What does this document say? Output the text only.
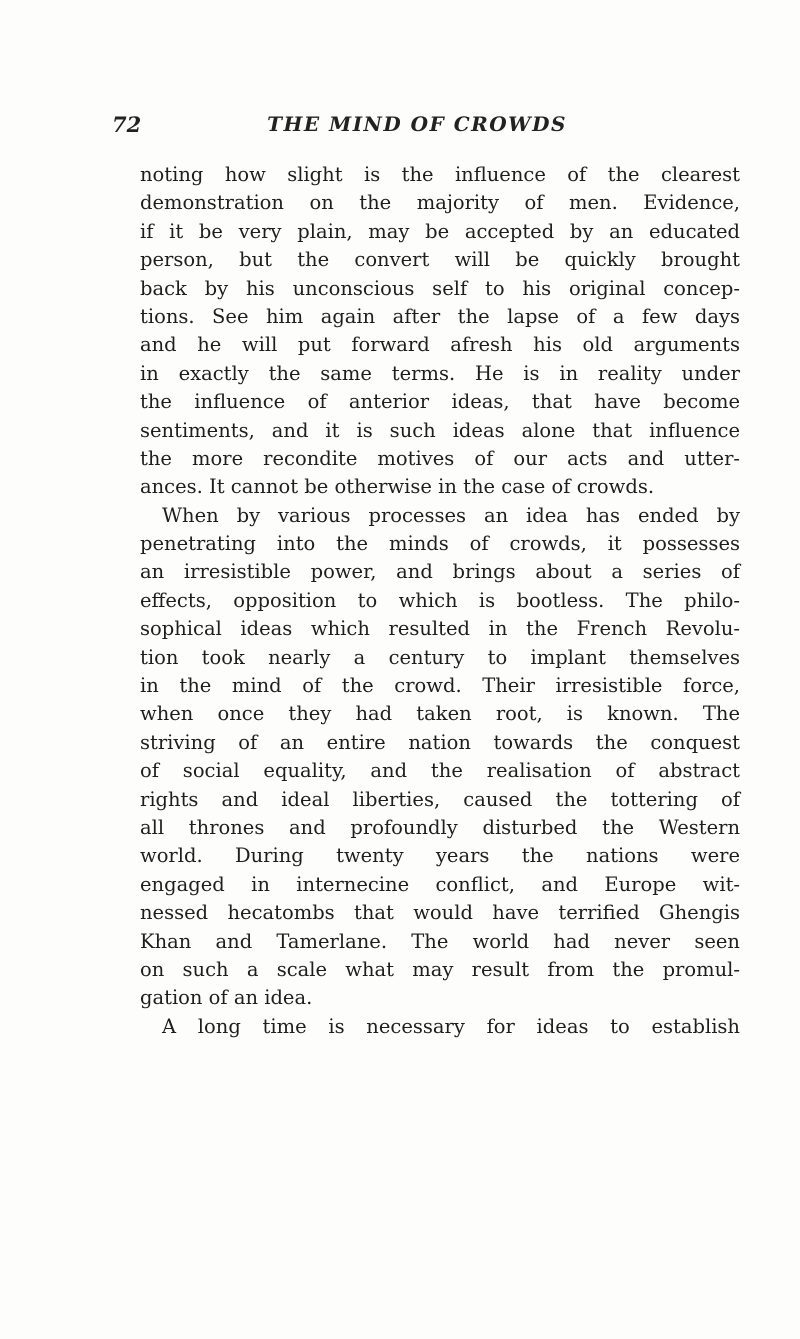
72	THE MIND OF CROWDS
noting how slight is the influence of the clearest
demonstration on the majority of men. Evidence,
if it be very plain, may be accepted by an educated
person, but the convert will be quickly brought
back by his unconscious self to his original concep-
tions. See him again after the lapse of a few days
and he will put forward afresh his old arguments
in exactly the same terms. He is in reality under
the influence of anterior ideas, that have become
sentiments, and it is such ideas alone that influence
the more recondite motives of our acts and utter-
ances. It cannot be otherwise in the case of crowds.
When by various processes an idea has ended by
penetrating into the minds of crowds, it possesses
an irresistible power, and brings about a series of
effects, opposition to which is bootless. The philo-
sophical ideas which resulted in the French Revolu-
tion took nearly a century to implant themselves
in the mind of the crowd. Their irresistible force,
when once they had taken root, is known. The
striving of an entire nation towards the conquest
of social equality, and the realisation of abstract
rights and ideal liberties, caused the tottering of
all thrones and profoundly disturbed the Western
world. During twenty years the nations were
engaged in internecine conflict, and Europe wit-
nessed hecatombs that would have terrified Ghengis
Khan and Tamerlane. The world had never seen
on such a scale what may result from the promul-
gation of an idea.
A long time is necessary for ideas to establish
